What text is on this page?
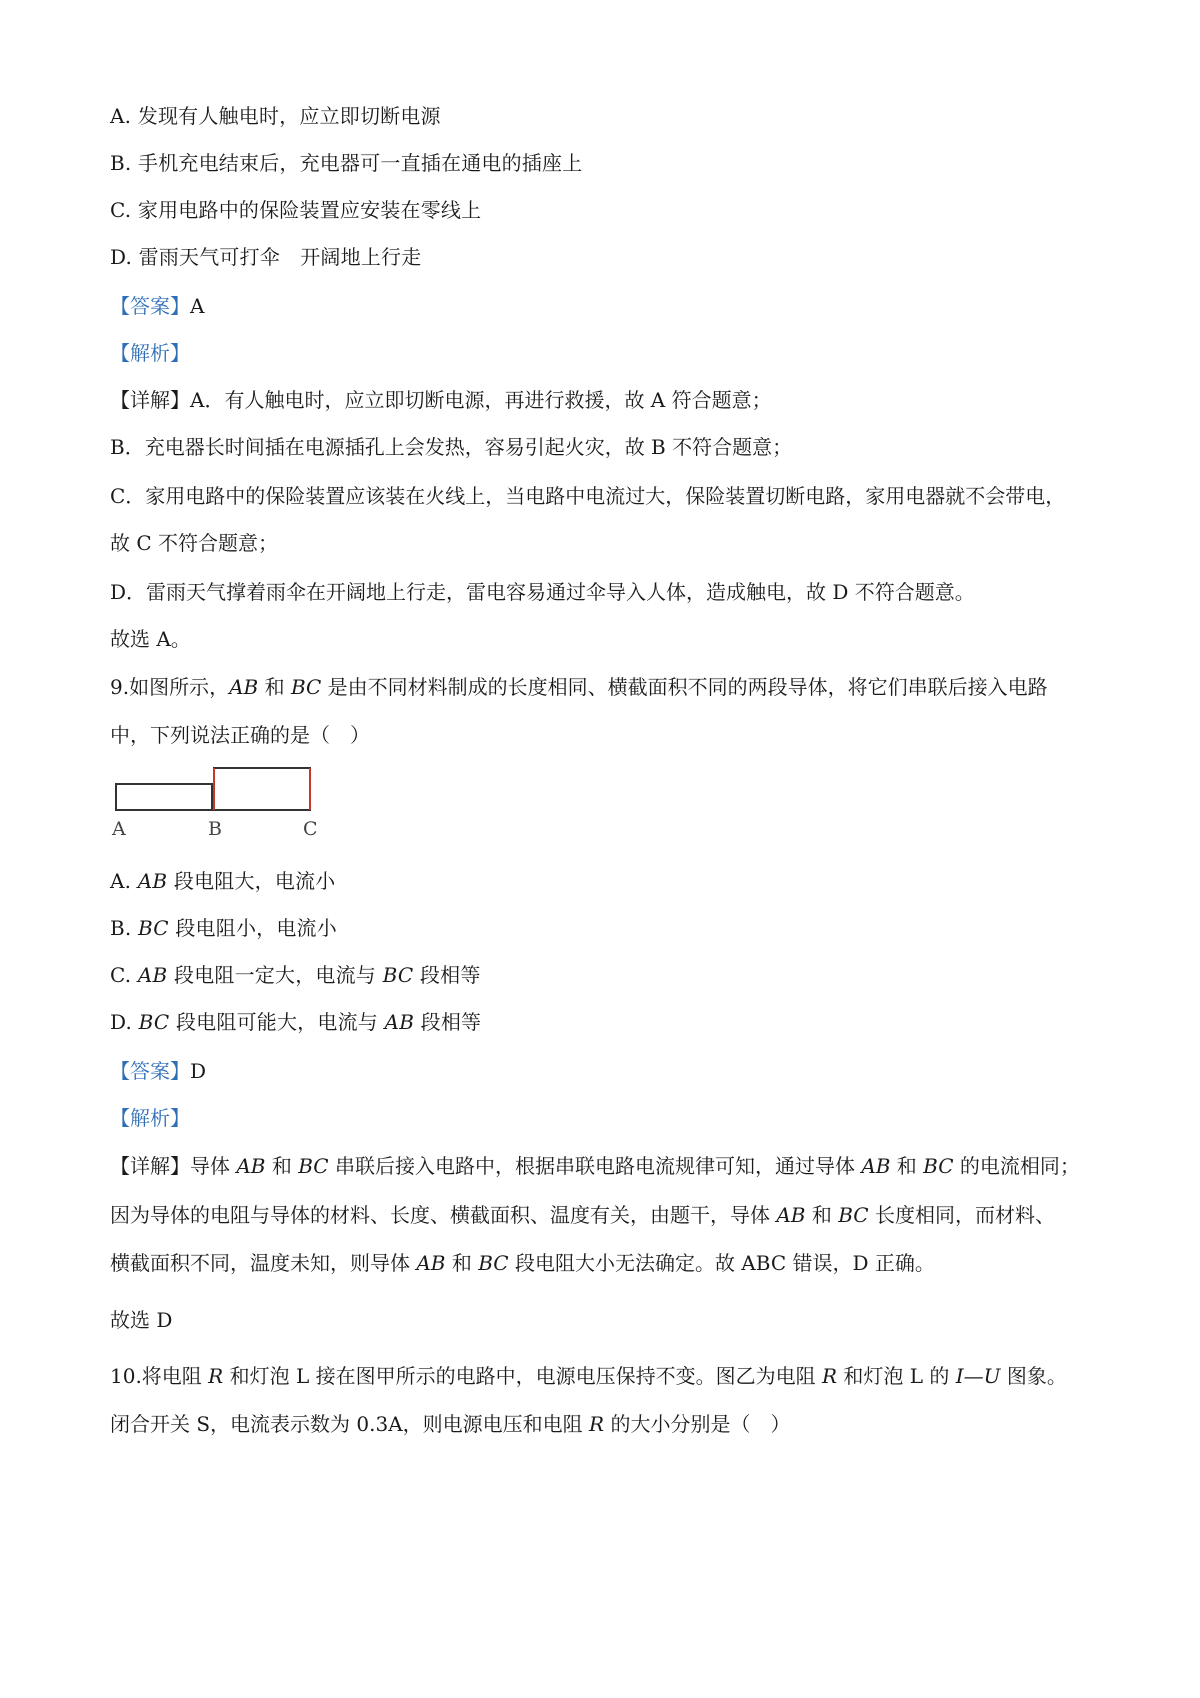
A. 发现有人触电时，应立即切断电源
B. 手机充电结束后，充电器可一直插在通电的插座上
C. 家用电路中的保险装置应安装在零线上
D. 雷雨天气可打伞　开阔地上行走
【答案】A
【解析】
【详解】A．有人触电时，应立即切断电源，再进行救援，故 A 符合题意；
B．充电器长时间插在电源插孔上会发热，容易引起火灾，故 B 不符合题意；
C．家用电路中的保险装置应该装在火线上，当电路中电流过大，保险装置切断电路，家用电器就不会带电，
故 C 不符合题意；
D．雷雨天气撑着雨伞在开阔地上行走，雷电容易通过伞导入人体，造成触电，故 D 不符合题意。
故选 A。
9.如图所示，AB 和 BC 是由不同材料制成的长度相同、横截面积不同的两段导体，将它们串联后接入电路
中，下列说法正确的是（　）
A	B	C
A. AB 段电阻大，电流小
B. BC 段电阻小，电流小
C. AB 段电阻一定大，电流与 BC 段相等
D. BC 段电阻可能大，电流与 AB 段相等
【答案】D
【解析】
【详解】导体 AB 和 BC 串联后接入电路中，根据串联电路电流规律可知，通过导体 AB 和 BC 的电流相同；
因为导体的电阻与导体的材料、长度、横截面积、温度有关，由题干，导体 AB 和 BC 长度相同，而材料、
横截面积不同，温度未知，则导体 AB 和 BC 段电阻大小无法确定。故 ABC 错误，D 正确。
故选 D
10.将电阻 R 和灯泡 L 接在图甲所示的电路中，电源电压保持不变。图乙为电阻 R 和灯泡 L 的 I—U 图象。
闭合开关 S，电流表示数为 0.3A，则电源电压和电阻 R 的大小分别是（　）
